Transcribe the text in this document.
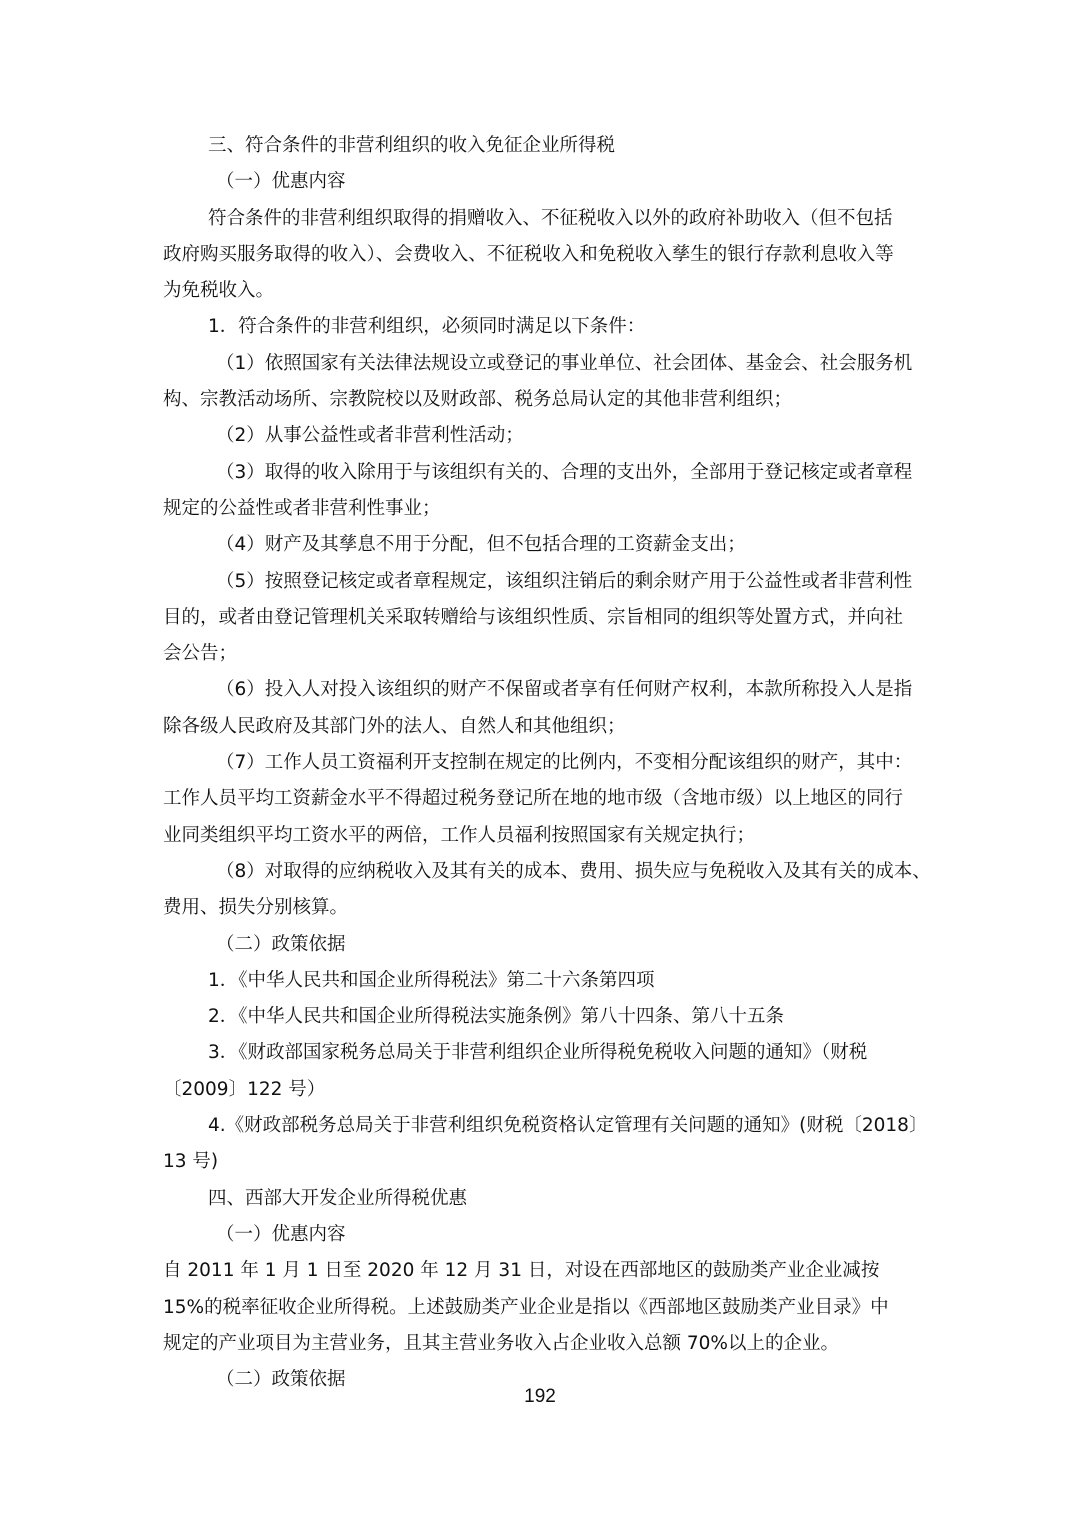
三、符合条件的非营利组织的收入免征企业所得税

（一）优惠内容

符合条件的非营利组织取得的捐赠收入、不征税收入以外的政府补助收入（但不包括

政府购买服务取得的收入）、会费收入、不征税收入和免税收入孳生的银行存款利息收入等

为免税收入。

1．符合条件的非营利组织，必须同时满足以下条件：

（1）依照国家有关法律法规设立或登记的事业单位、社会团体、基金会、社会服务机

构、宗教活动场所、宗教院校以及财政部、税务总局认定的其他非营利组织；

（2）从事公益性或者非营利性活动；

（3）取得的收入除用于与该组织有关的、合理的支出外，全部用于登记核定或者章程

规定的公益性或者非营利性事业；

（4）财产及其孳息不用于分配，但不包括合理的工资薪金支出；

（5）按照登记核定或者章程规定，该组织注销后的剩余财产用于公益性或者非营利性

目的，或者由登记管理机关采取转赠给与该组织性质、宗旨相同的组织等处置方式，并向社

会公告；

（6）投入人对投入该组织的财产不保留或者享有任何财产权利，本款所称投入人是指

除各级人民政府及其部门外的法人、自然人和其他组织；

（7）工作人员工资福利开支控制在规定的比例内，不变相分配该组织的财产，其中：

工作人员平均工资薪金水平不得超过税务登记所在地的地市级（含地市级）以上地区的同行

业同类组织平均工资水平的两倍，工作人员福利按照国家有关规定执行；

（8）对取得的应纳税收入及其有关的成本、费用、损失应与免税收入及其有关的成本、

费用、损失分别核算。

（二）政策依据

1．《中华人民共和国企业所得税法》第二十六条第四项

2．《中华人民共和国企业所得税法实施条例》第八十四条、第八十五条

3．《财政部国家税务总局关于非营利组织企业所得税免税收入问题的通知》（财税

〔2009〕122 号）

4.《财政部税务总局关于非营利组织免税资格认定管理有关问题的通知》(财税〔2018〕

13 号)

四、西部大开发企业所得税优惠

（一）优惠内容

自 2011 年 1 月 1 日至 2020 年 12 月 31 日，对设在西部地区的鼓励类产业企业减按

15%的税率征收企业所得税。上述鼓励类产业企业是指以《西部地区鼓励类产业目录》中

规定的产业项目为主营业务，且其主营业务收入占企业收入总额 70%以上的企业。

（二）政策依据

192
